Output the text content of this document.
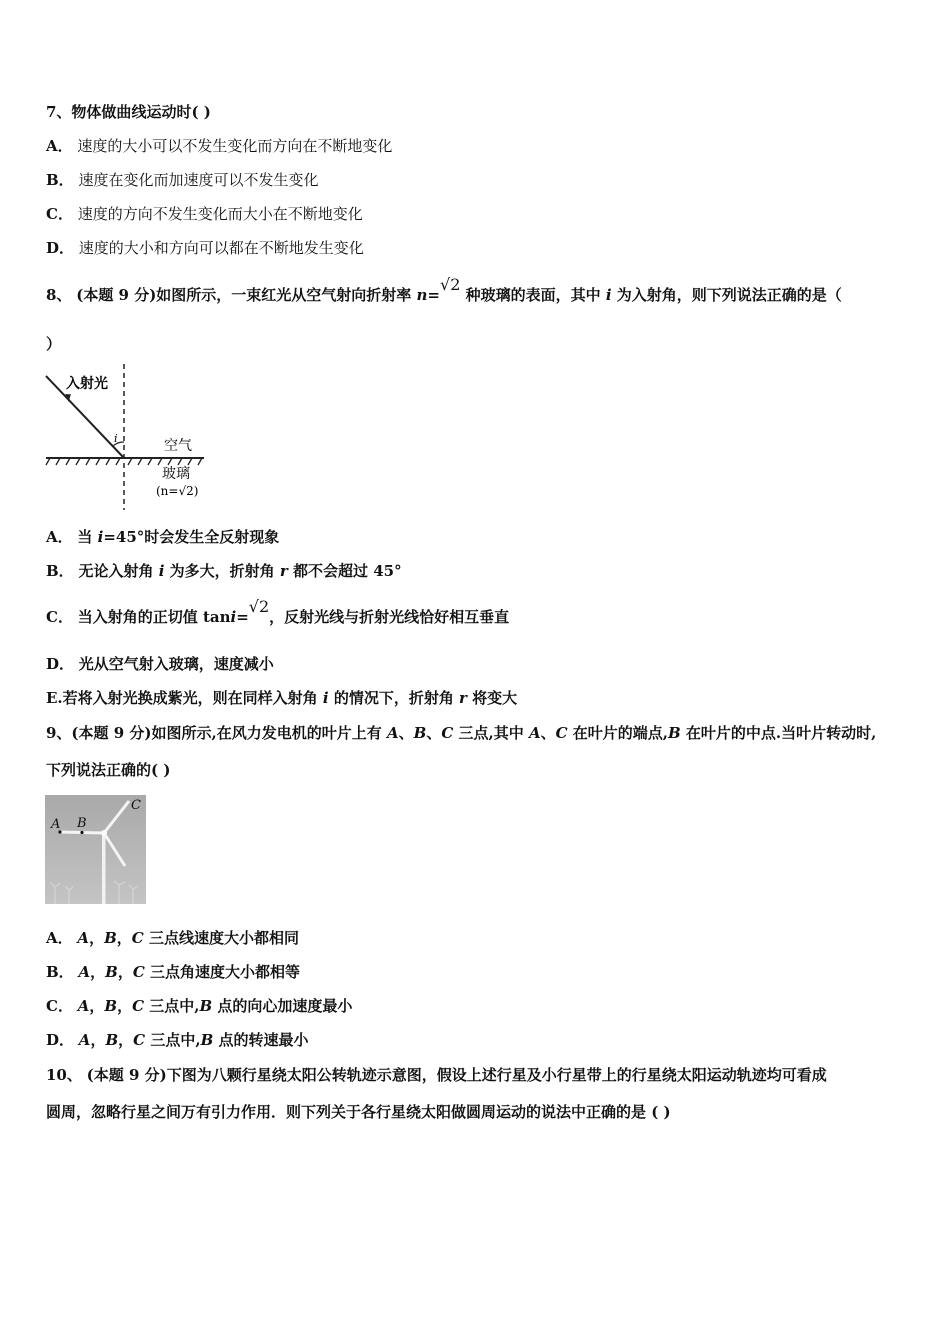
7、物体做曲线运动时( )
A． 速度的大小可以不发生变化而方向在不断地变化
B． 速度在变化而加速度可以不发生变化
C． 速度的方向不发生变化而大小在不断地变化
D． 速度的大小和方向可以都在不断地发生变化
8、 (本题 9 分)如图所示，一束红光从空气射向折射率 n=√2 种玻璃的表面，其中 i 为入射角，则下列说法正确的是（
）
入射光
i	空气
玻璃
(n=√2)
A． 当 i=45°时会发生全反射现象
B． 无论入射角 i 为多大，折射角 r 都不会超过 45°
C． 当入射角的正切值 tani=√2，反射光线与折射光线恰好相互垂直
D． 光从空气射入玻璃，速度减小
E.若将入射光换成紫光，则在同样入射角 i 的情况下，折射角 r 将变大
9、(本题 9 分)如图所示,在风力发电机的叶片上有 A、B、C 三点,其中 A、C 在叶片的端点,B 在叶片的中点.当叶片转动时,
下列说法正确的( )
A B
C
A． A，B，C 三点线速度大小都相同
B． A，B，C 三点角速度大小都相等
C． A，B，C 三点中,B 点的向心加速度最小
D． A，B，C 三点中,B 点的转速最小
10、 (本题 9 分)下图为八颗行星绕太阳公转轨迹示意图，假设上述行星及小行星带上的行星绕太阳运动轨迹均可看成
圆周，忽略行星之间万有引力作用．则下列关于各行星绕太阳做圆周运动的说法中正确的是 ( )
